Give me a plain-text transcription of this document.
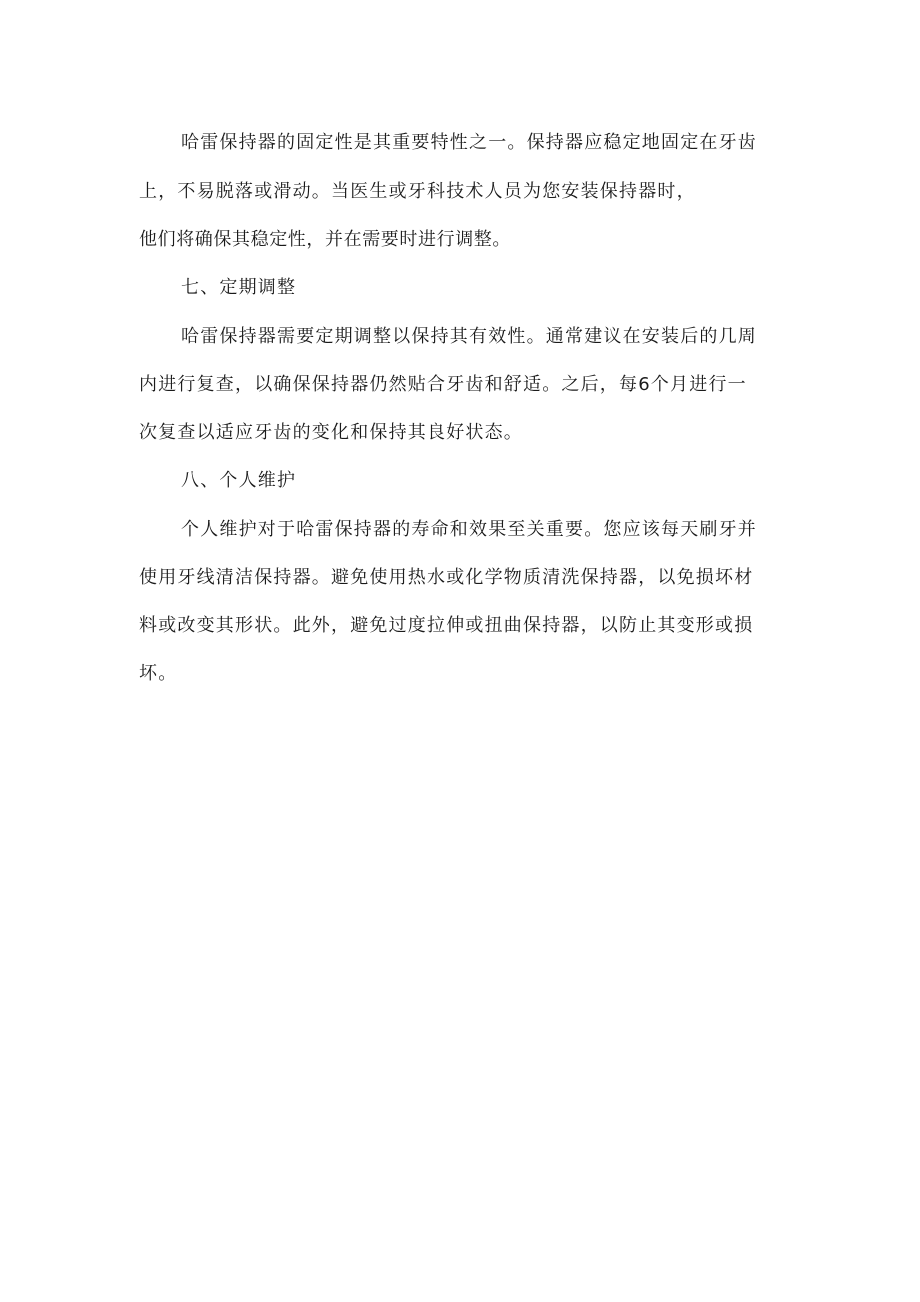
哈雷保持器的固定性是其重要特性之一。保持器应稳定地固定在牙齿
上，不易脱落或滑动。当医生或牙科技术人员为您安装保持器时，
他们将确保其稳定性，并在需要时进行调整。
七、定期调整
哈雷保持器需要定期调整以保持其有效性。通常建议在安装后的几周
内进行复查，以确保保持器仍然贴合牙齿和舒适。之后，每6个月进行一
次复查以适应牙齿的变化和保持其良好状态。
八、个人维护
个人维护对于哈雷保持器的寿命和效果至关重要。您应该每天刷牙并
使用牙线清洁保持器。避免使用热水或化学物质清洗保持器，以免损坏材
料或改变其形状。此外，避免过度拉伸或扭曲保持器，以防止其变形或损
坏。
